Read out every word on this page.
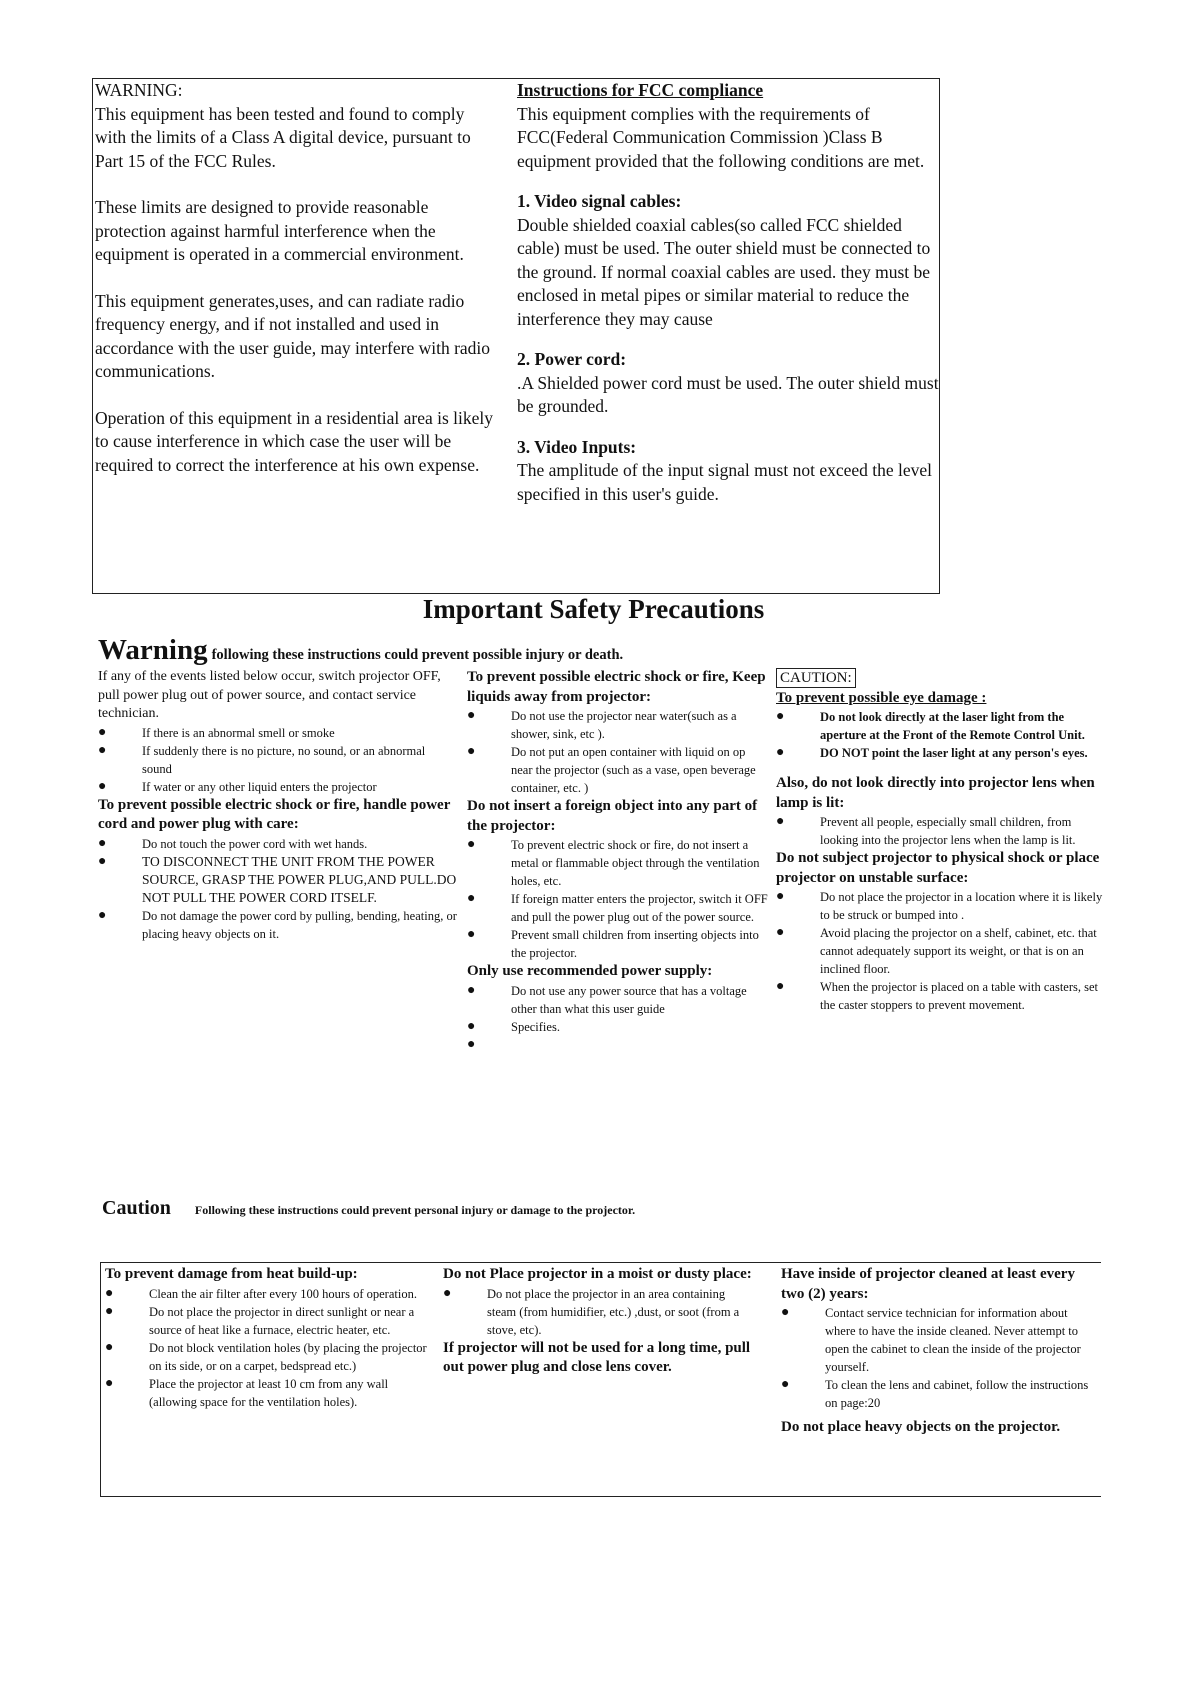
WARNING:

This equipment has been tested and found to comply with the limits of a Class A digital device, pursuant to Part 15 of the FCC Rules.

These limits are designed to provide reasonable protection against harmful interference when the equipment is operated in a commercial environment.

This equipment generates,uses, and can radiate radio frequency energy, and if not installed and used in accordance with the user guide, may interfere with radio communications.

Operation of this equipment in a residential area is likely to cause interference in which case the user will be required to correct the interference at his own expense.

Instructions for FCC compliance

This equipment complies with the requirements of FCC(Federal Communication Commission )Class B equipment provided that the following conditions are met.

1. Video signal cables:

Double shielded coaxial cables(so called FCC shielded cable) must be used. The outer shield must be connected to the ground. If normal coaxial cables are used. they must be enclosed in metal pipes or similar material to reduce the interference they may cause

2. Power cord:

.A Shielded power cord must be used. The outer shield must be grounded.

3. Video Inputs:

The amplitude of the input signal must not exceed the level specified in this user's guide.

Important Safety Precautions
Warning following these instructions could prevent possible injury or death.

If any of the events listed below occur, switch projector OFF, pull power plug out of power source, and contact service technician.

●	If there is an abnormal smell or smoke
●	If suddenly there is no picture, no sound, or an abnormal sound
●	If water or any other liquid enters the projector

To prevent possible electric shock or fire, handle power cord and power plug with care:

●	Do not touch the power cord with wet hands.
●	TO DISCONNECT THE UNIT FROM THE POWER SOURCE, GRASP THE POWER PLUG,AND PULL.DO NOT PULL THE POWER CORD ITSELF.
●	Do not damage the power cord by pulling, bending, heating, or placing heavy objects on it.

To prevent possible electric shock or fire, Keep liquids away from projector:

●	Do not use the projector near water(such as a shower, sink, etc ).
●	Do not put an open container with liquid on op near the projector (such as a vase, open beverage container, etc. )

Do not insert a foreign object into any part of the projector:

●	To prevent electric shock or fire, do not insert a metal or flammable object through the ventilation holes, etc.
●	If foreign matter enters the projector, switch it OFF and pull the power plug out of the power source.
●	Prevent small children from inserting objects into the projector.

Only use recommended power supply:

●	Do not use any power source that has a voltage other than what this user guide
●	Specifies.
●

CAUTION:

To prevent possible eye damage :

●	Do not look directly at the laser light from the aperture at the Front of the Remote Control Unit.
●	DO NOT point the laser light at any person's eyes.

Also, do not look directly into projector lens when lamp is lit:

●	Prevent all people, especially small children, from looking into the projector lens when the lamp is lit.

Do not subject projector to physical shock or place projector on unstable surface:

●	Do not place the projector in a location where it is likely to be struck or bumped into .
●	Avoid placing the projector on a shelf, cabinet, etc. that cannot adequately support its weight, or that is on an inclined floor.
●	When the projector is placed on a table with casters, set the caster stoppers to prevent movement.
Caution Following these instructions could prevent personal injury or damage to the projector.

To prevent damage from heat build-up:

●	Clean the air filter after every 100 hours of operation.
●	Do not place the projector in direct sunlight or near a source of heat like a furnace, electric heater, etc.
●	Do not block ventilation holes (by placing the projector on its side, or on a carpet, bedspread etc.)
●	Place the projector at least 10 cm from any wall (allowing space for the ventilation holes).

Do not Place projector in a moist or dusty place:

●	Do not place the projector in an area containing steam (from humidifier, etc.) ,dust, or soot (from a stove, etc).

If projector will not be used for a long time, pull out power plug and close lens cover.

Have inside of projector cleaned at least every two (2) years:

●	Contact service technician for information about where to have the inside cleaned. Never attempt to open the cabinet to clean the inside of the projector yourself.
●	To clean the lens and cabinet, follow the instructions on page:20

Do not place heavy objects on the projector.
